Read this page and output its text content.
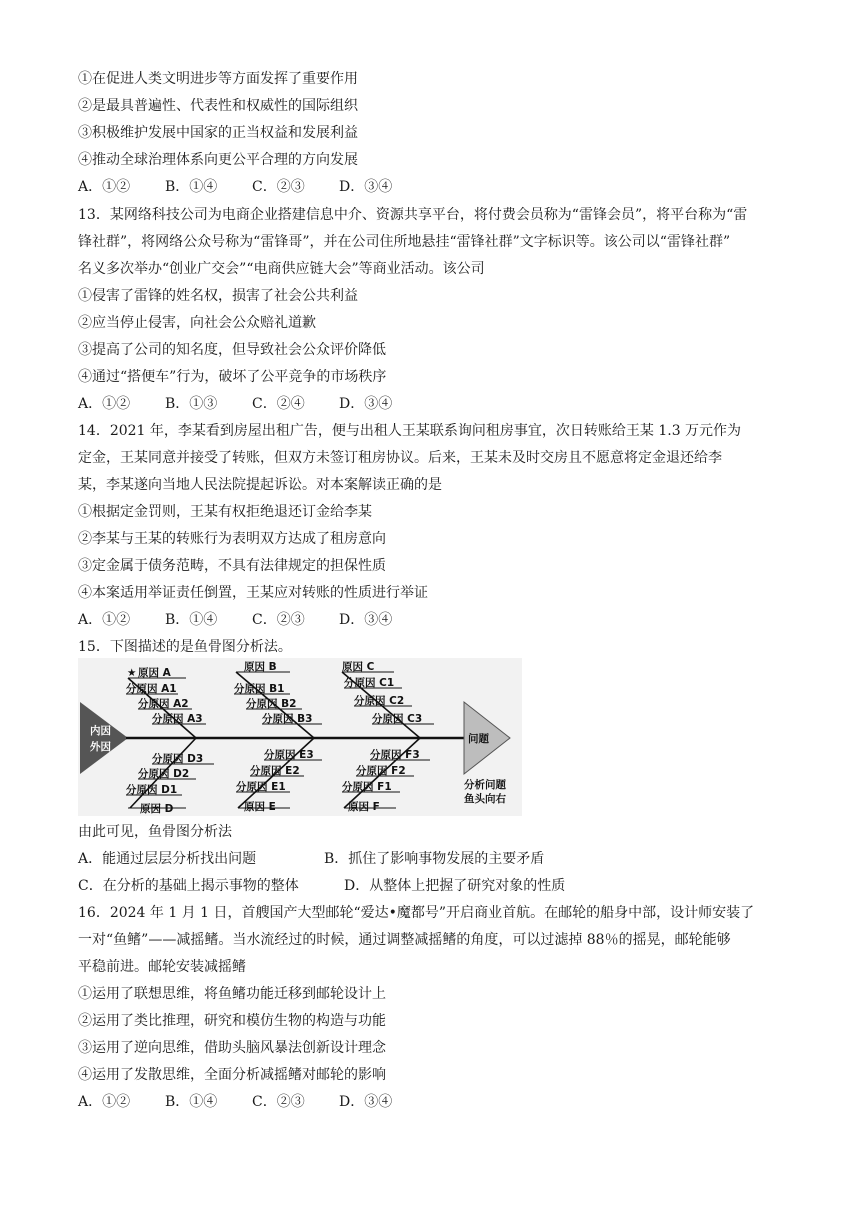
①在促进人类文明进步等方面发挥了重要作用
②是最具普遍性、代表性和权威性的国际组织
③积极维护发展中国家的正当权益和发展利益
④推动全球治理体系向更公平合理的方向发展
A．①②	B．①④	C．②③	D．③④
13．某网络科技公司为电商企业搭建信息中介、资源共享平台，将付费会员称为“雷锋会员”，将平台称为“雷
锋社群”，将网络公众号称为“雷锋哥”，并在公司住所地悬挂“雷锋社群”文字标识等。该公司以“雷锋社群”
名义多次举办“创业广交会”“电商供应链大会”等商业活动。该公司
①侵害了雷锋的姓名权，损害了社会公共利益
②应当停止侵害，向社会公众赔礼道歉
③提高了公司的知名度，但导致社会公众评价降低
④通过“搭便车”行为，破坏了公平竞争的市场秩序
A．①②	B．①③	C．②④	D．③④
14．2021 年，李某看到房屋出租广告，便与出租人王某联系询问租房事宜，次日转账给王某 1.3 万元作为
定金，王某同意并接受了转账，但双方未签订租房协议。后来，王某未及时交房且不愿意将定金退还给李
某，李某遂向当地人民法院提起诉讼。对本案解读正确的是
①根据定金罚则，王某有权拒绝退还订金给李某
②李某与王某的转账行为表明双方达成了租房意向
③定金属于债务范畴，不具有法律规定的担保性质
④本案适用举证责任倒置，王某应对转账的性质进行举证
A．①②	B．①④	C．②③	D．③④
15．下图描述的是鱼骨图分析法。
内因
外因
问题
分析问题
鱼头向右
★ 原因 A
分原因 A1
分原因 A2
分原因 A3
原因 B
分原因 B1
分原因 B2
分原因 B3
原因 C
分原因 C1
分原因 C2
分原因 C3
分原因 D3
分原因 D2
分原因 D1
原因 D
分原因 E3
分原因 E2
分原因 E1
原因 E
分原因 F3
分原因 F2
分原因 F1
原因 F
由此可见，鱼骨图分析法
A．能通过层层分析找出问题	B．抓住了影响事物发展的主要矛盾
C．在分析的基础上揭示事物的整体	D．从整体上把握了研究对象的性质
16．2024 年 1 月 1 日，首艘国产大型邮轮“爱达•魔都号”开启商业首航。在邮轮的船身中部，设计师安装了
一对“鱼鳍”——减摇鳍。当水流经过的时候，通过调整减摇鳍的角度，可以过滤掉 88％的摇晃，邮轮能够
平稳前进。邮轮安装减摇鳍
①运用了联想思维，将鱼鳍功能迁移到邮轮设计上
②运用了类比推理，研究和模仿生物的构造与功能
③运用了逆向思维，借助头脑风暴法创新设计理念
④运用了发散思维，全面分析减摇鳍对邮轮的影响
A．①②	B．①④	C．②③	D．③④
